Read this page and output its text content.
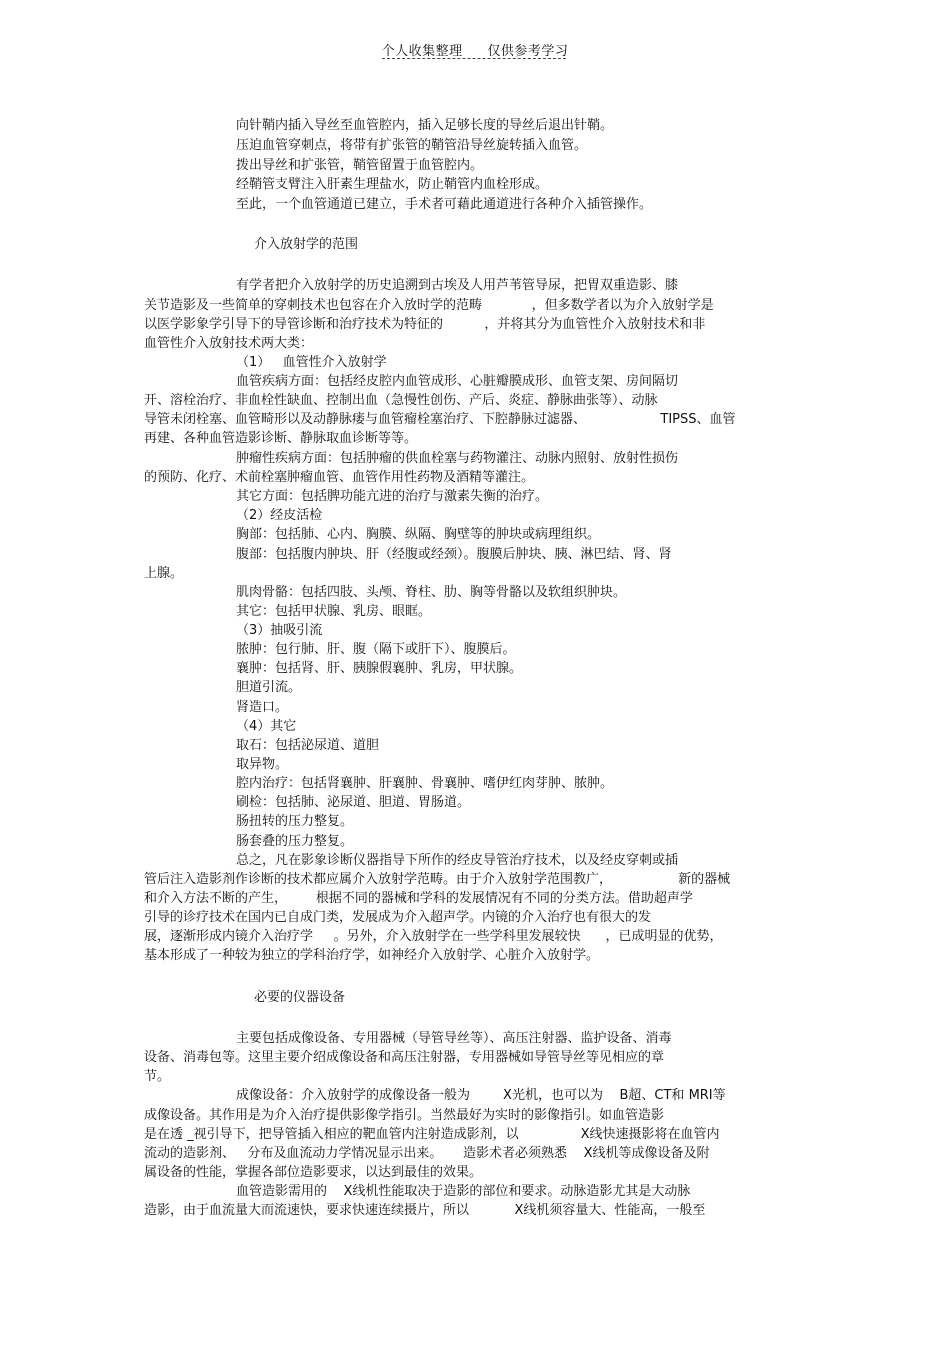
个人收集整理 仅供参考学习
向针鞘内插入导丝至血管腔内，插入足够长度的导丝后退出针鞘。
压迫血管穿刺点，将带有扩张管的鞘管沿导丝旋转插入血管。
拨出导丝和扩张管，鞘管留置于血管腔内。
经鞘管支臂注入肝素生理盐水，防止鞘管内血栓形成。
至此，一个血管通道已建立，手术者可藉此通道进行各种介入插管操作。
介入放射学的范围
有学者把介入放射学的历史追溯到古埃及人用芦苇管导尿，把胃双重造影、膝
关节造影及一些简单的穿刺技术也包容在介入放时学的范畴            ，但多数学者以为介入放射学是
以医学影象学引导下的导管诊断和治疗技术为特征的          ，并将其分为血管性介入放射技术和非
血管性介入放射技术两大类：
（1）   血管性介入放射学
血管疾病方面：包括经皮腔内血管成形、心脏瓣膜成形、血管支架、房间隔切
开、溶栓治疗、非血栓性缺血、控制出血（急慢性创伤、产后、炎症、静脉曲张等）、动脉
导管未闭栓塞、血管畸形以及动静脉瘘与血管瘤栓塞治疗、下腔静脉过滤器、                  TIPSS、血管
再建、各种血管造影诊断、静脉取血诊断等等。
肿瘤性疾病方面：包括肿瘤的供血栓塞与药物灌注、动脉内照射、放射性损伤
的预防、化疗、术前栓塞肿瘤血管、血管作用性药物及酒精等灌注。
其它方面：包括脾功能亢进的治疗与激素失衡的治疗。
（2）经皮活检
胸部：包括肺、心内、胸膜、纵隔、胸壁等的肿块或病理组织。
腹部：包括腹内肿块、肝（经腹或经颈）。腹膜后肿块、胰、淋巴结、肾、肾
上腺。
肌肉骨骼：包括四肢、头颅、脊柱、肋、胸等骨骼以及软组织肿块。
其它：包括甲状腺、乳房、眼眶。
（3）抽吸引流
脓肿：包行肺、肝、腹（隔下或肝下）、腹膜后。
襄肿：包括肾、肝、胰腺假襄肿、乳房，甲状腺。
胆道引流。
肾造口。
（4）其它
取石：包括泌尿道、道胆
取异物。
腔内治疗：包括肾襄肿、肝襄肿、骨襄肿、嗜伊红肉芽肿、脓肿。
刷检：包括肺、泌尿道、胆道、胃肠道。
肠扭转的压力整复。
肠套叠的压力整复。
总之，凡在影象诊断仪器指导下所作的经皮导管治疗技术，以及经皮穿刺或插
管后注入造影剂作诊断的技术都应属介入放射学范畴。由于介入放射学范围教广，                新的器械
和介入方法不断的产生，       根据不同的器械和学科的发展情况有不同的分类方法。借助超声学
引导的诊疗技术在国内已自成门类，发展成为介入超声学。内镜的介入治疗也有很大的发
展，逐渐形成内镜介入治疗学     。另外，介入放射学在一些学科里发展较快      ，已成明显的优势，
基本形成了一种较为独立的学科治疗学，如神经介入放射学、心脏介入放射学。
必要的仪器设备
主要包括成像设备、专用器械（导管导丝等）、高压注射器、监护设备、消毒
设备、消毒包等。这里主要介绍成像设备和高压注射器，专用器械如导管导丝等见相应的章
节。
成像设备：介入放射学的成像设备一般为        X光机，也可以为    B超、CT和 MRI等
成像设备。其作用是为介入治疗提供影像学指引。当然最好为实时的影像指引。如血管造影
是在透 _视引导下，把导管插入相应的靶血管内注射造成影剂，以               X线快速摄影将在血管内
流动的造影剂、   分布及血流动力学情况显示出来。     造影术者必须熟悉    X线机等成像设备及附
属设备的性能，掌握各部位造影要求，以达到最佳的效果。
血管造影需用的    X线机性能取决于造影的部位和要求。动脉造影尤其是大动脉
造影，由于血流量大而流速快，要求快速连续摄片，所以           X线机须容量大、性能高，一般至
